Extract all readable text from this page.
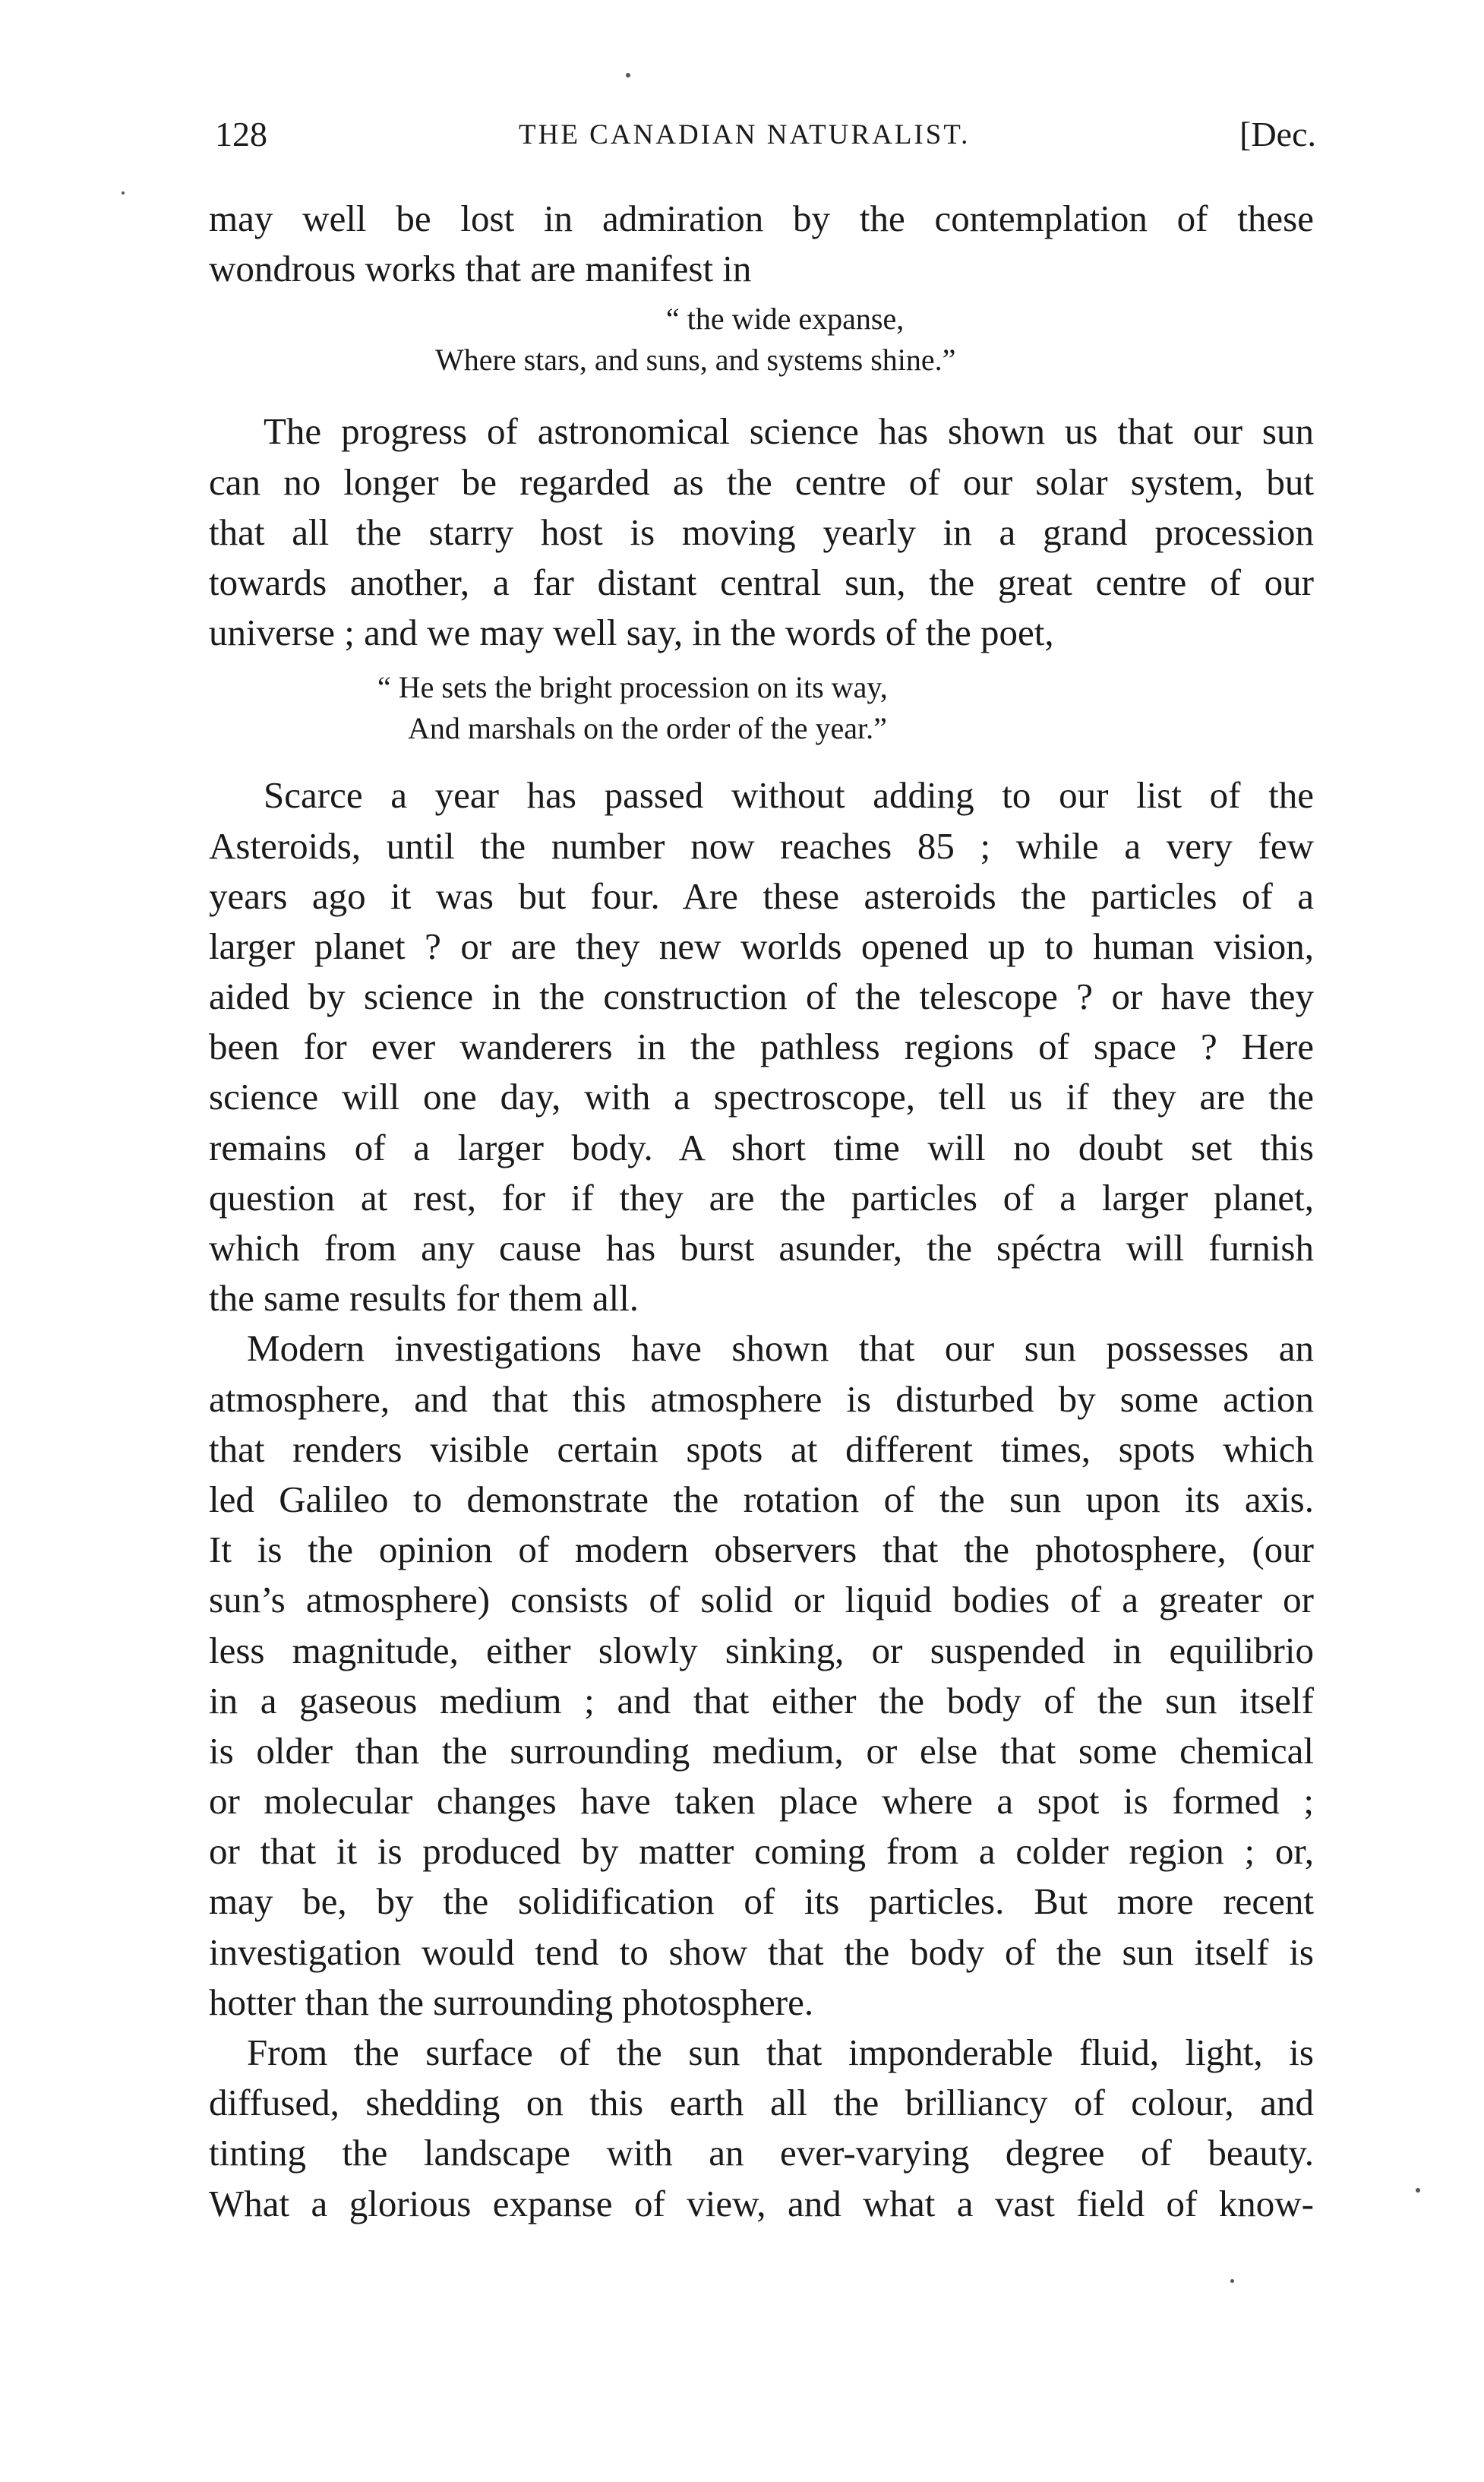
128	THE CANADIAN NATURALIST.	[Dec.
may well be lost in admiration by the contemplation of these
wondrous works that are manifest in
“ the wide expanse,
Where stars, and suns, and systems shine.”
The progress of astronomical science has shown us that our sun
can no longer be regarded as the centre of our solar system, but
that all the starry host is moving yearly in a grand procession
towards another, a far distant central sun, the great centre of our
universe ; and we may well say, in the words of the poet,
“ He sets the bright procession on its way,
And marshals on the order of the year.”
Scarce a year has passed without adding to our list of the
Asteroids, until the number now reaches 85 ; while a very few
years ago it was but four. Are these asteroids the particles of a
larger planet ? or are they new worlds opened up to human vision,
aided by science in the construction of the telescope ? or have they
been for ever wanderers in the pathless regions of space ? Here
science will one day, with a spectroscope, tell us if they are the
remains of a larger body. A short time will no doubt set this
question at rest, for if they are the particles of a larger planet,
which from any cause has burst asunder, the spéctra will furnish
the same results for them all.
Modern investigations have shown that our sun possesses an
atmosphere, and that this atmosphere is disturbed by some action
that renders visible certain spots at different times, spots which
led Galileo to demonstrate the rotation of the sun upon its axis.
It is the opinion of modern observers that the photosphere, (our
sun’s atmosphere) consists of solid or liquid bodies of a greater or
less magnitude, either slowly sinking, or suspended in equilibrio
in a gaseous medium ; and that either the body of the sun itself
is older than the surrounding medium, or else that some chemical
or molecular changes have taken place where a spot is formed ;
or that it is produced by matter coming from a colder region ; or,
may be, by the solidification of its particles. But more recent
investigation would tend to show that the body of the sun itself is
hotter than the surrounding photosphere.
From the surface of the sun that imponderable fluid, light, is
diffused, shedding on this earth all the brilliancy of colour, and
tinting the landscape with an ever-varying degree of beauty.
What a glorious expanse of view, and what a vast field of know-
